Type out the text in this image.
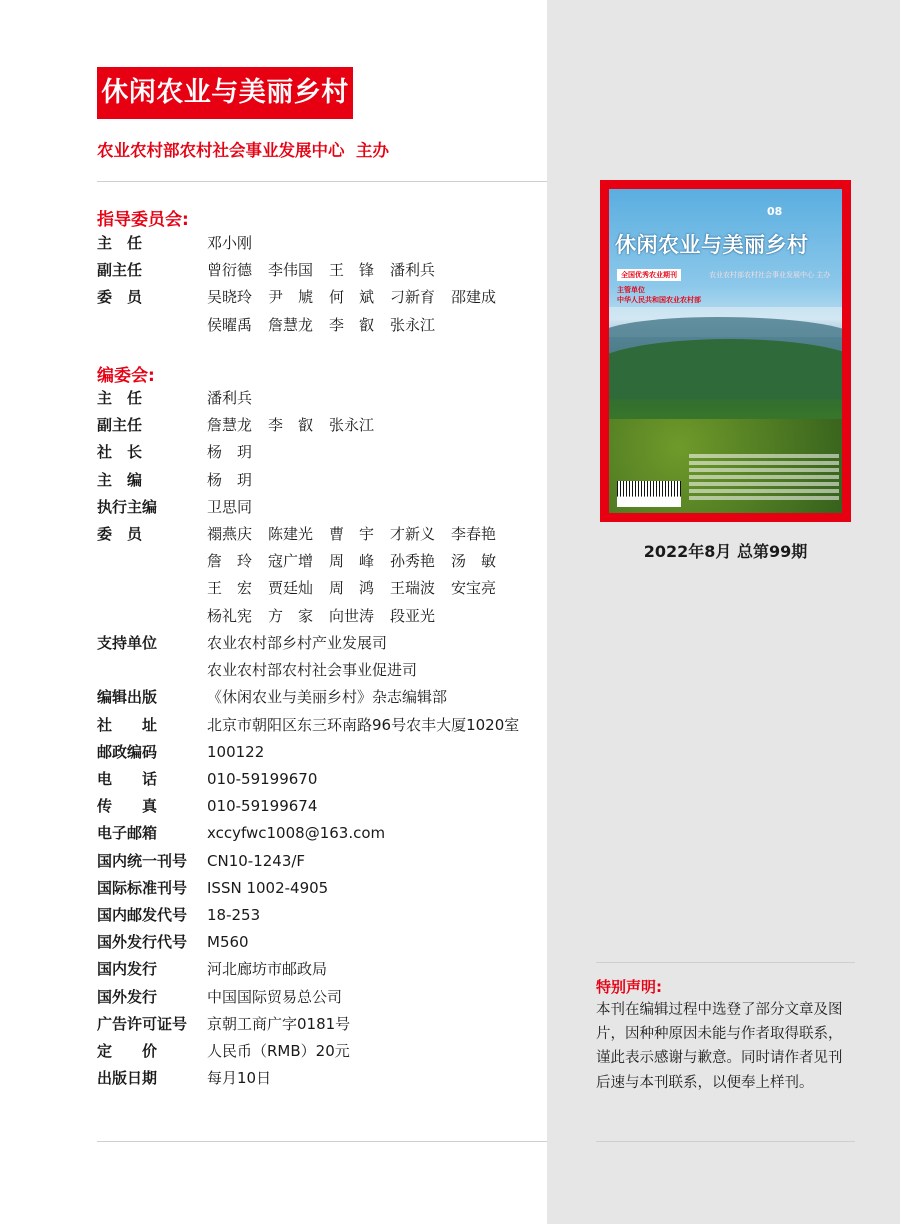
休闲农业与美丽乡村
农业农村部农村社会事业发展中心  主办
指导委员会:
主　任	邓小刚
副主任	曾衍德	李伟国	王　锋	潘利兵
委　员	吴晓玲	尹　虓	何　斌	刁新育	邵建成
侯曜禹	詹慧龙	李　叡	张永江
编委会:
主　任	潘利兵
副主任	詹慧龙	李　叡	张永江
社　长	杨　玥
主　编	杨　玥
执行主编	卫思同
委　员	禤燕庆	陈建光	曹　宇	才新义	李春艳
詹　玲	寇广增	周　峰	孙秀艳	汤　敏
王　宏	贾廷灿	周　鸿	王瑞波	安宝亮
杨礼宪	方　家	向世涛	段亚光
支持单位	农业农村部乡村产业发展司
农业农村部农村社会事业促进司
编辑出版	《休闲农业与美丽乡村》杂志编辑部
社　　址	北京市朝阳区东三环南路96号农丰大厦1020室
邮政编码	100122
电　　话	010-59199670
传　　真	010-59199674
电子邮箱	xccyfwc1008@163.com
国内统一刊号	CN10-1243/F
国际标准刊号	ISSN 1002-4905
国内邮发代号	18-253
国外发行代号	M560
国内发行	河北廊坊市邮政局
国外发行	中国国际贸易总公司
广告许可证号	京朝工商广字0181号
定　　价	人民币（RMB）20元
出版日期	每月10日
08
休闲农业与美丽乡村
全国优秀农业期刊	农业农村部农村社会事业发展中心 主办
主管单位
中华人民共和国农业农村部
2022年8月 总第99期
特别声明:
本刊在编辑过程中选登了部分文章及图
片，因种种原因未能与作者取得联系，
谨此表示感谢与歉意。同时请作者见刊
后速与本刊联系，以便奉上样刊。
